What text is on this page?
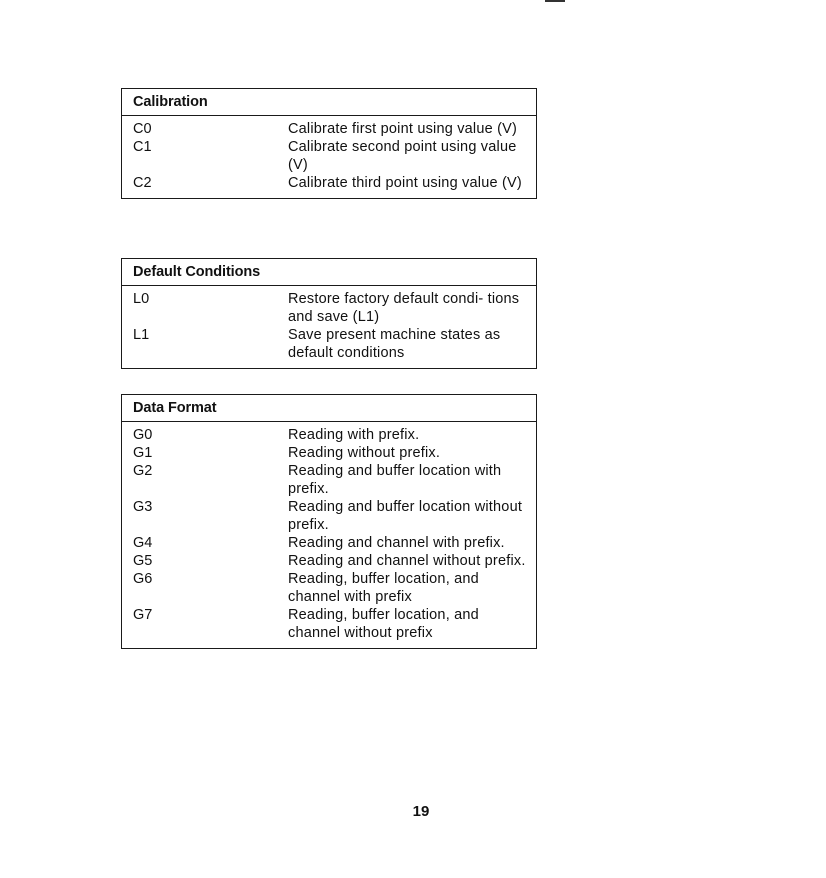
Calibration
C0	Calibrate first point using value (V)
C1	Calibrate second point using value (V)
C2	Calibrate third point using value (V)
Default Conditions
L0	Restore factory default condi- tions and save (L1)
L1	Save present machine states as default conditions
Data Format
G0	Reading with prefix.
G1	Reading without prefix.
G2	Reading and buffer location with prefix.
G3	Reading and buffer location without prefix.
G4	Reading and channel with prefix.
G5	Reading and channel without prefix.
G6	Reading, buffer location, and channel with prefix
G7	Reading, buffer location, and channel without prefix
19
